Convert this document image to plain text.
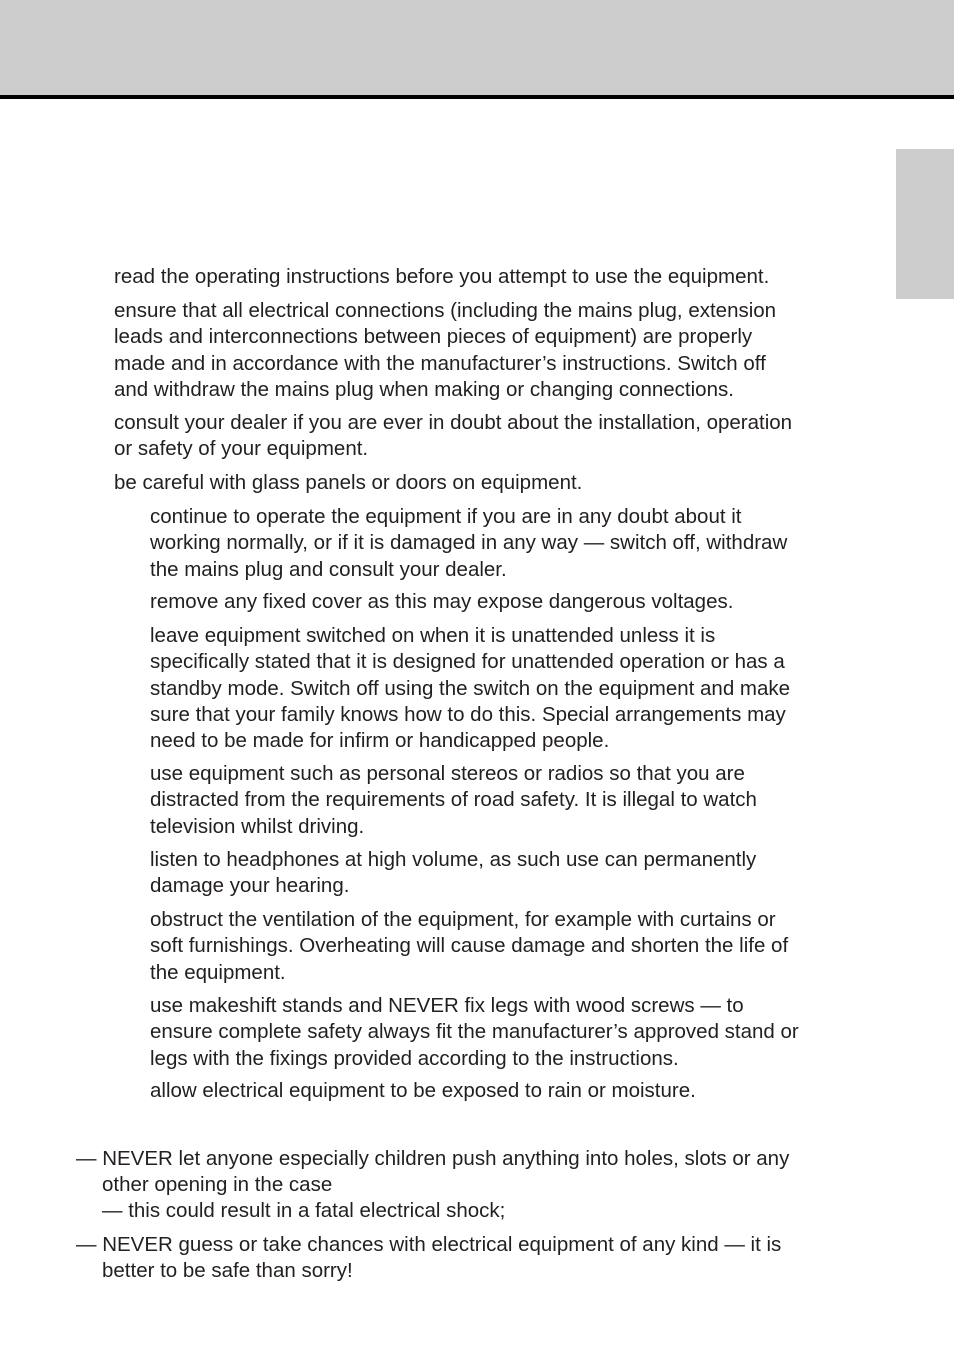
read the operating instructions before you attempt to use the equipment.

ensure that all electrical connections (including the mains plug, extension
leads and interconnections between pieces of equipment) are properly
made and in accordance with the manufacturer’s instructions. Switch off
and withdraw the mains plug when making or changing connections.

consult your dealer if you are ever in doubt about the installation, operation
or safety of your equipment.

be careful with glass panels or doors on equipment.

continue to operate the equipment if you are in any doubt about it
working normally, or if it is damaged in any way — switch off, withdraw
the mains plug and consult your dealer.

remove any fixed cover as this may expose dangerous voltages.

leave equipment switched on when it is unattended unless it is
specifically stated that it is designed for unattended operation or has a
standby mode. Switch off using the switch on the equipment and make
sure that your family knows how to do this. Special arrangements may
need to be made for infirm or handicapped people.

use equipment such as personal stereos or radios so that you are
distracted from the requirements of road safety. It is illegal to watch
television whilst driving.

listen to headphones at high volume, as such use can permanently
damage your hearing.

obstruct the ventilation of the equipment, for example with curtains or
soft furnishings. Overheating will cause damage and shorten the life of
the equipment.

use makeshift stands and NEVER fix legs with wood screws — to
ensure complete safety always fit the manufacturer’s approved stand or
legs with the fixings provided according to the instructions.

allow electrical equipment to be exposed to rain or moisture.

— NEVER let anyone especially children push anything into holes, slots or any

other opening in the case

— this could result in a fatal electrical shock;

— NEVER guess or take chances with electrical equipment of any kind — it is

better to be safe than sorry!
